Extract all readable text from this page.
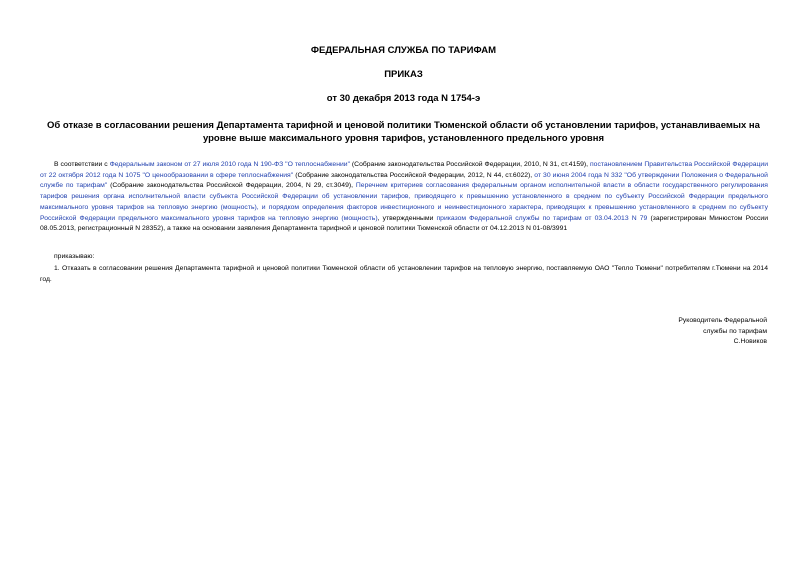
ФЕДЕРАЛЬНАЯ СЛУЖБА ПО ТАРИФАМ
ПРИКАЗ
от 30 декабря 2013 года N 1754-э
Об отказе в согласовании решения Департамента тарифной и ценовой политики Тюменской области об установлении тарифов, устанавливаемых на уровне выше максимального уровня тарифов, установленного предельного уровня
В соответствии с Федеральным законом от 27 июля 2010 года N 190-ФЗ "О теплоснабжении" (Собрание законодательства Российской Федерации, 2010, N 31, ст.4159), постановлением Правительства Российской Федерации от 22 октября 2012 года N 1075 "О ценообразовании в сфере теплоснабжения" (Собрание законодательства Российской Федерации, 2012, N 44, ст.6022), от 30 июня 2004 года N 332 "Об утверждении Положения о Федеральной службе по тарифам" (Собрание законодательства Российской Федерации, 2004, N 29, ст.3049), Перечнем критериев согласования федеральным органом исполнительной власти в области государственного регулирования тарифов решения органа исполнительной власти субъекта Российской Федерации об установлении тарифов, приводящего к превышению установленного в среднем по субъекту Российской Федерации предельного максимального уровня тарифов на тепловую энергию (мощность), и порядком определения факторов инвестиционного и неинвестиционного характера, приводящих к превышению установленного в среднем по субъекту Российской Федерации предельного максимального уровня тарифов на тепловую энергию (мощность), утвержденными приказом Федеральной службы по тарифам от 03.04.2013 N 79 (зарегистрирован Минюстом России 08.05.2013, регистрационный N 28352), а также на основании заявления Департамента тарифной и ценовой политики Тюменской области от 04.12.2013 N 01-08/3991
приказываю:
1. Отказать в согласовании решения Департамента тарифной и ценовой политики Тюменской области об установлении тарифов на тепловую энергию, поставляемую ОАО "Тепло Тюмени" потребителям г.Тюмени на 2014 год.
Руководитель Федеральной
службы по тарифам
С.Новиков
